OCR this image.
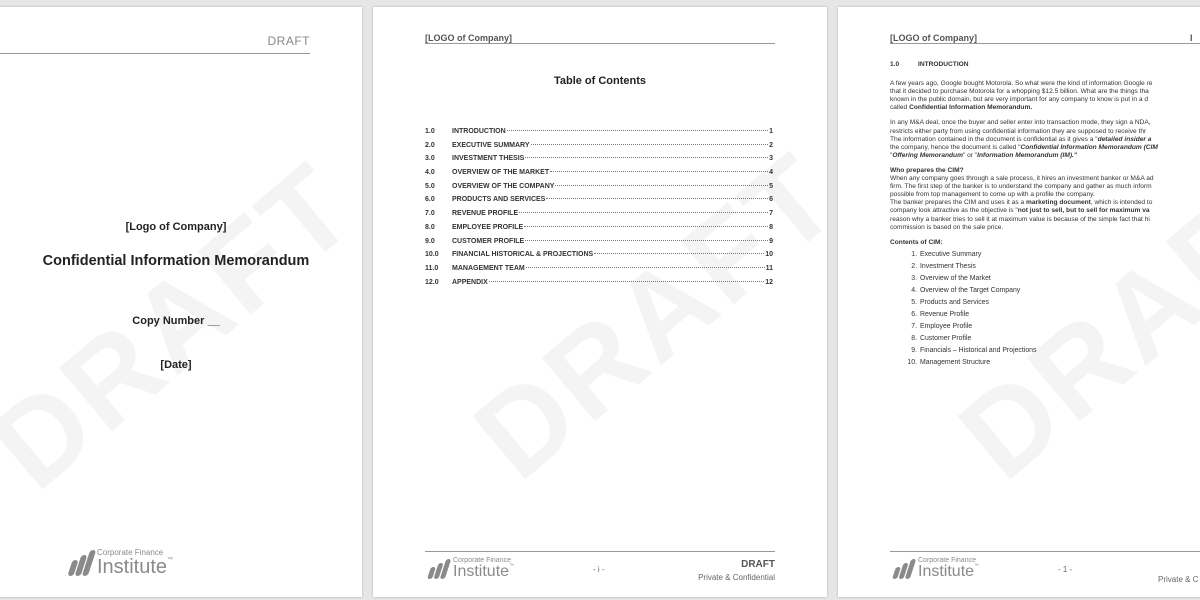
DRAFT
[Logo of Company]
Confidential Information Memorandum
Copy Number __
[Date]
Corporate Finance
Institute™
[LOGO of Company]
Table of Contents
1.0	INTRODUCTION	1
2.0	EXECUTIVE SUMMARY	2
3.0	INVESTMENT THESIS	3
4.0	OVERVIEW OF THE MARKET	4
5.0	OVERVIEW OF THE COMPANY	5
6.0	PRODUCTS AND SERVICES	6
7.0	REVENUE PROFILE	7
8.0	EMPLOYEE PROFILE	8
9.0	CUSTOMER PROFILE	9
10.0	FINANCIAL HISTORICAL & PROJECTIONS	10
11.0	MANAGEMENT TEAM	11
12.0	APPENDIX	12
Corporate Finance
Institute™	- i -	DRAFT
Private & Confidential
[LOGO of Company]	I
1.0	INTRODUCTION

A few years ago, Google bought Motorola. So what were the kind of information Google re
that it decided to purchase Motorola for a whopping $12.5 billion. What are the things tha
known in the public domain, but are very important for any company to know is put in a d
called Confidential Information Memorandum.

In any M&A deal, once the buyer and seller enter into transaction mode, they sign a NDA,
restricts either party from using confidential information they are supposed to receive thr
The information contained in the document is confidential as it gives a "detailed insider a
the company, hence the document is called "Confidential Information Memorandum (CIM
"Offering Memorandum" or "Information Memorandum (IM)."

Who prepares the CIM?

When any company goes through a sale process, it hires an investment banker or M&A ad
firm. The first step of the banker is to understand the company and gather as much inform
possible from top management to come up with a profile the company.
The banker prepares the CIM and uses it as a marketing document, which is intended to
company look attractive as the objective is "not just to sell, but to sell for maximum va
reason why a banker tries to sell it at maximum value is because of the simple fact that hi
commission is based on the sale price.

Contents of CIM:
1. Executive Summary
2. Investment Thesis
3. Overview of the Market
4. Overview of the Target Company
5. Products and Services
6. Revenue Profile
7. Employee Profile
8. Customer Profile
9. Financials – Historical and Projections
10. Management Structure
Corporate Finance
Institute™	- 1 -
Private & C
